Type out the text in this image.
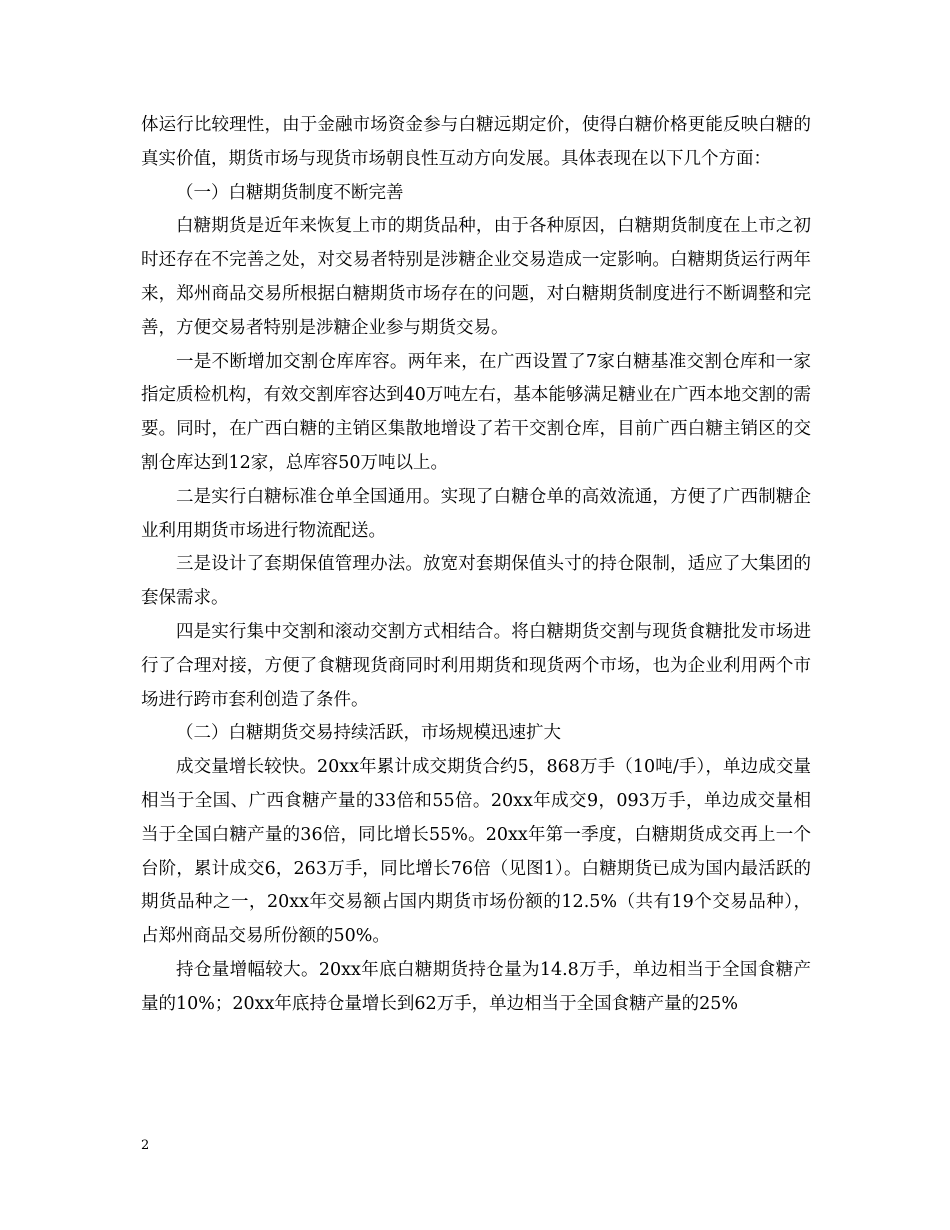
体运行比较理性，由于金融市场资金参与白糖远期定价，使得白糖价格更能反映白糖的真实价值，期货市场与现货市场朝良性互动方向发展。具体表现在以下几个方面：

（一）白糖期货制度不断完善

白糖期货是近年来恢复上市的期货品种，由于各种原因，白糖期货制度在上市之初时还存在不完善之处，对交易者特别是涉糖企业交易造成一定影响。白糖期货运行两年来，郑州商品交易所根据白糖期货市场存在的问题，对白糖期货制度进行不断调整和完善，方便交易者特别是涉糖企业参与期货交易。

一是不断增加交割仓库库容。两年来，在广西设置了7家白糖基准交割仓库和一家指定质检机构，有效交割库容达到40万吨左右，基本能够满足糖业在广西本地交割的需要。同时，在广西白糖的主销区集散地增设了若干交割仓库，目前广西白糖主销区的交割仓库达到12家，总库容50万吨以上。

二是实行白糖标准仓单全国通用。实现了白糖仓单的高效流通，方便了广西制糖企业利用期货市场进行物流配送。

三是设计了套期保值管理办法。放宽对套期保值头寸的持仓限制，适应了大集团的套保需求。

四是实行集中交割和滚动交割方式相结合。将白糖期货交割与现货食糖批发市场进行了合理对接，方便了食糖现货商同时利用期货和现货两个市场，也为企业利用两个市场进行跨市套利创造了条件。

（二）白糖期货交易持续活跃，市场规模迅速扩大

成交量增长较快。20xx年累计成交期货合约5，868万手（10吨/手），单边成交量相当于全国、广西食糖产量的33倍和55倍。20xx年成交9，093万手，单边成交量相当于全国白糖产量的36倍，同比增长55%。20xx年第一季度，白糖期货成交再上一个台阶，累计成交6，263万手，同比增长76倍（见图1）。白糖期货已成为国内最活跃的期货品种之一，20xx年交易额占国内期货市场份额的12.5%（共有19个交易品种），占郑州商品交易所份额的50%。

持仓量增幅较大。20xx年底白糖期货持仓量为14.8万手，单边相当于全国食糖产量的10%；20xx年底持仓量增长到62万手，单边相当于全国食糖产量的25%

2
